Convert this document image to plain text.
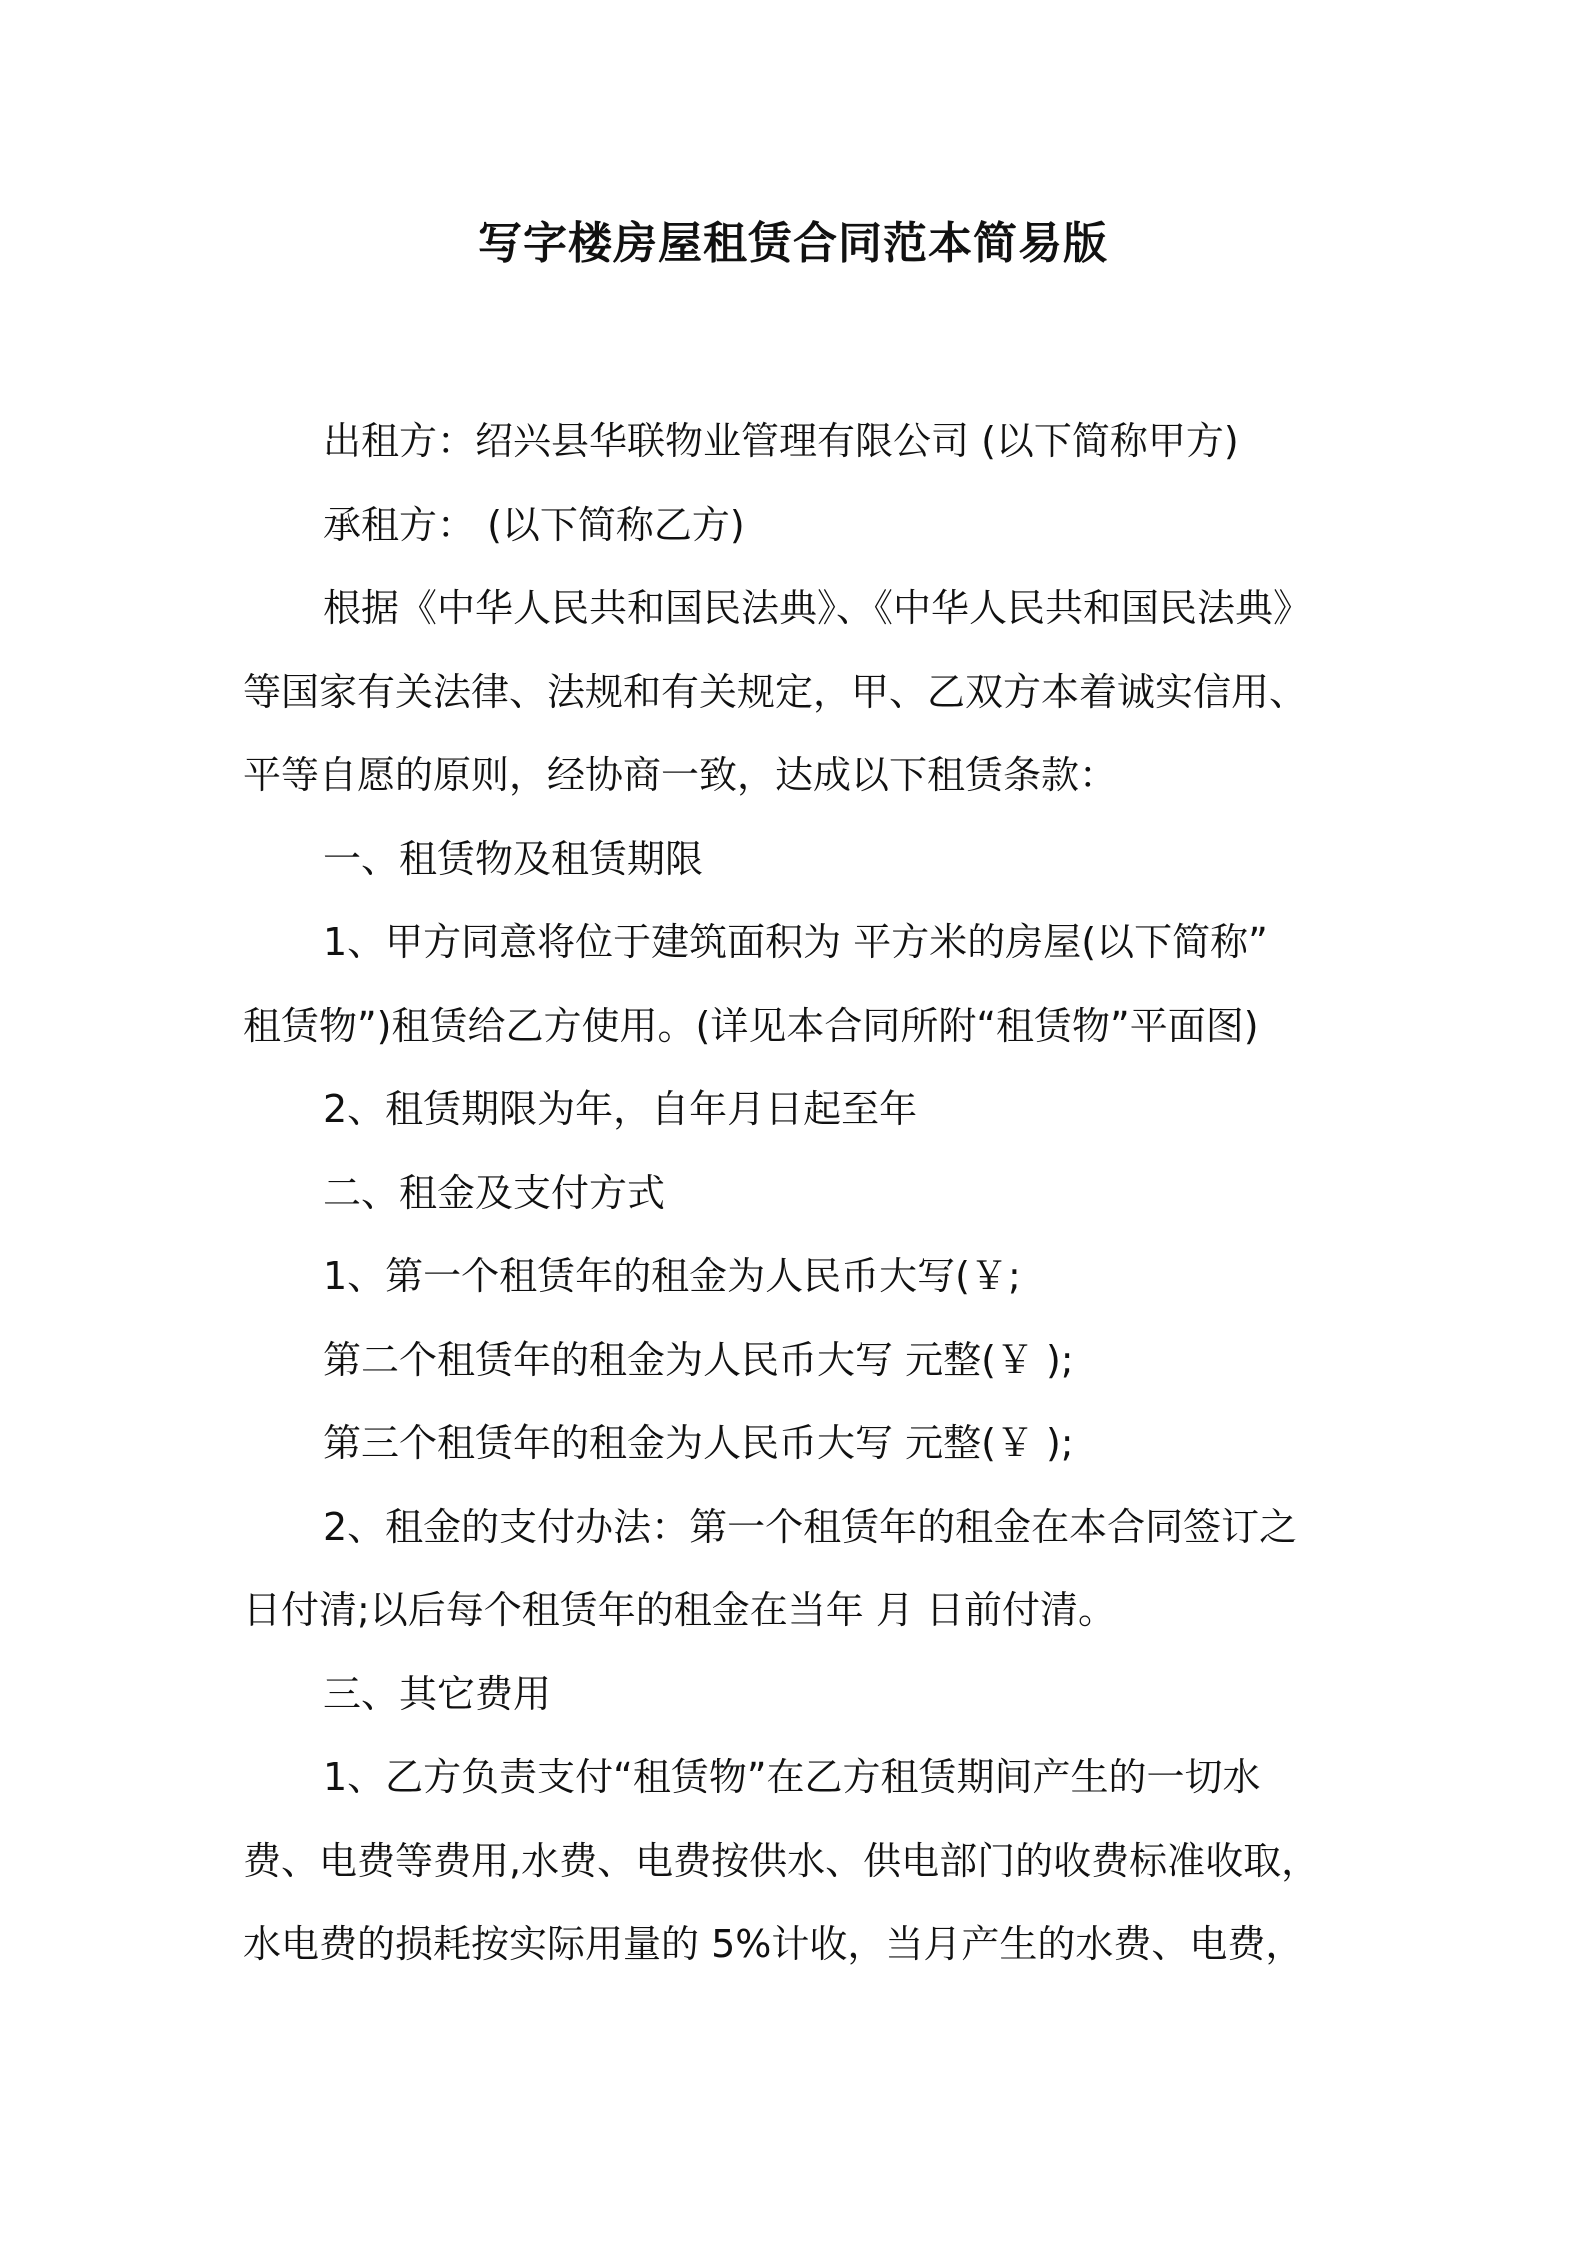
写字楼房屋租赁合同范本简易版
出租方：绍兴县华联物业管理有限公司 (以下简称甲方)
承租方： (以下简称乙方)
根据《中华人民共和国民法典》、《中华人民共和国民法典》
等国家有关法律、法规和有关规定，甲、乙双方本着诚实信用、
平等自愿的原则，经协商一致，达成以下租赁条款：
一、租赁物及租赁期限
1、甲方同意将位于建筑面积为 平方米的房屋(以下简称”
租赁物”)租赁给乙方使用。(详见本合同所附“租赁物”平面图)
2、租赁期限为年，自年月日起至年
二、租金及支付方式
1、第一个租赁年的租金为人民币大写(￥;
第二个租赁年的租金为人民币大写 元整(￥ );
第三个租赁年的租金为人民币大写 元整(￥ );
2、租金的支付办法：第一个租赁年的租金在本合同签订之
日付清;以后每个租赁年的租金在当年 月 日前付清。
三、其它费用
1、乙方负责支付“租赁物”在乙方租赁期间产生的一切水
费、电费等费用,水费、电费按供水、供电部门的收费标准收取，
水电费的损耗按实际用量的 5%计收，当月产生的水费、电费，
